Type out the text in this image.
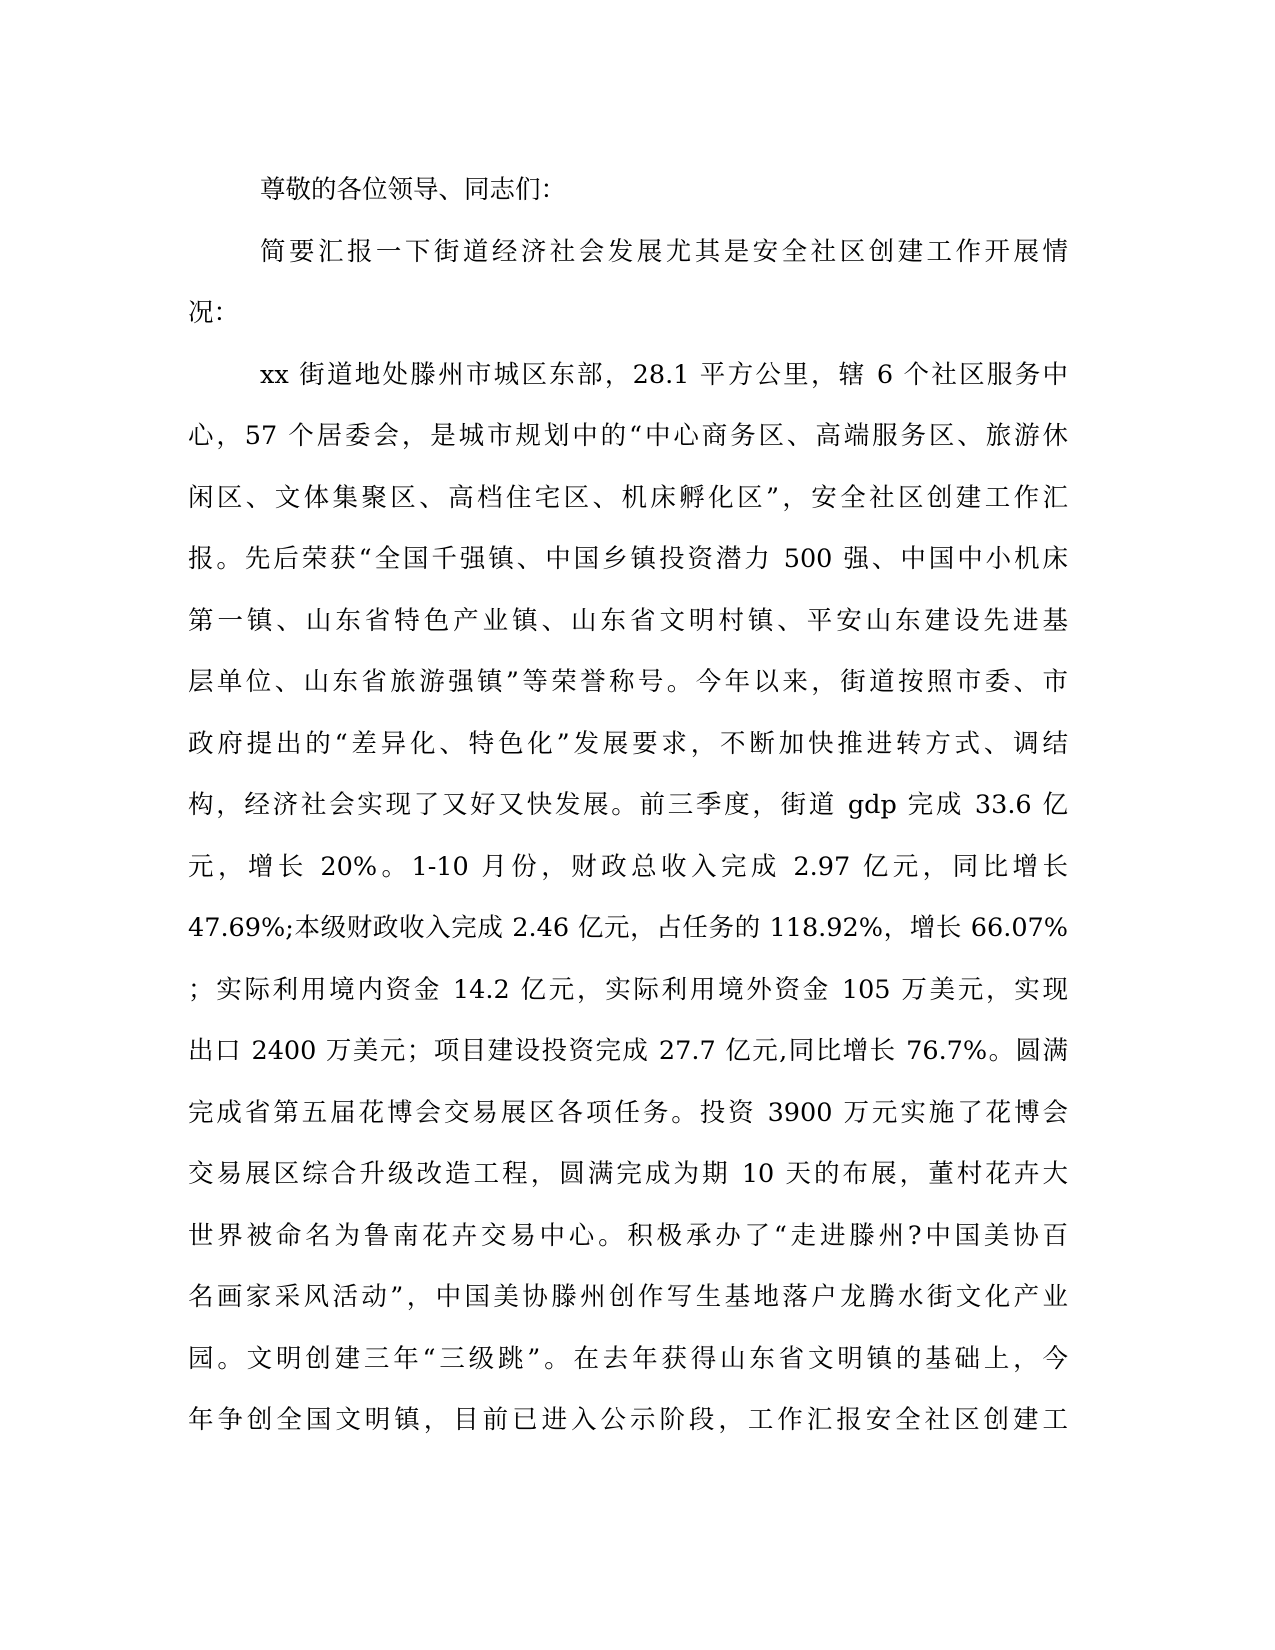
尊敬的各位领导、同志们：
简要汇报一下街道经济社会发展尤其是安全社区创建工作开展情
况：
xx 街道地处滕州市城区东部，28.1 平方公里，辖 6 个社区服务中
心，57 个居委会，是城市规划中的“中心商务区、高端服务区、旅游休
闲区、文体集聚区、高档住宅区、机床孵化区”，安全社区创建工作汇
报。先后荣获“全国千强镇、中国乡镇投资潜力 500 强、中国中小机床
第一镇、山东省特色产业镇、山东省文明村镇、平安山东建设先进基
层单位、山东省旅游强镇”等荣誉称号。今年以来，街道按照市委、市
政府提出的“差异化、特色化”发展要求，不断加快推进转方式、调结
构，经济社会实现了又好又快发展。前三季度，街道 gdp 完成 33.6 亿
元，增长 20%。1-10 月份，财政总收入完成 2.97 亿元，同比增长
47.69%;本级财政收入完成 2.46 亿元，占任务的 118.92%，增长 66.07%
；实际利用境内资金 14.2 亿元，实际利用境外资金 105 万美元，实现
出口 2400 万美元；项目建设投资完成 27.7 亿元,同比增长 76.7%。圆满
完成省第五届花博会交易展区各项任务。投资 3900 万元实施了花博会
交易展区综合升级改造工程，圆满完成为期 10 天的布展，董村花卉大
世界被命名为鲁南花卉交易中心。积极承办了“走进滕州?中国美协百
名画家采风活动”，中国美协滕州创作写生基地落户龙腾水街文化产业
园。文明创建三年“三级跳”。在去年获得山东省文明镇的基础上，今
年争创全国文明镇，目前已进入公示阶段，工作汇报安全社区创建工
